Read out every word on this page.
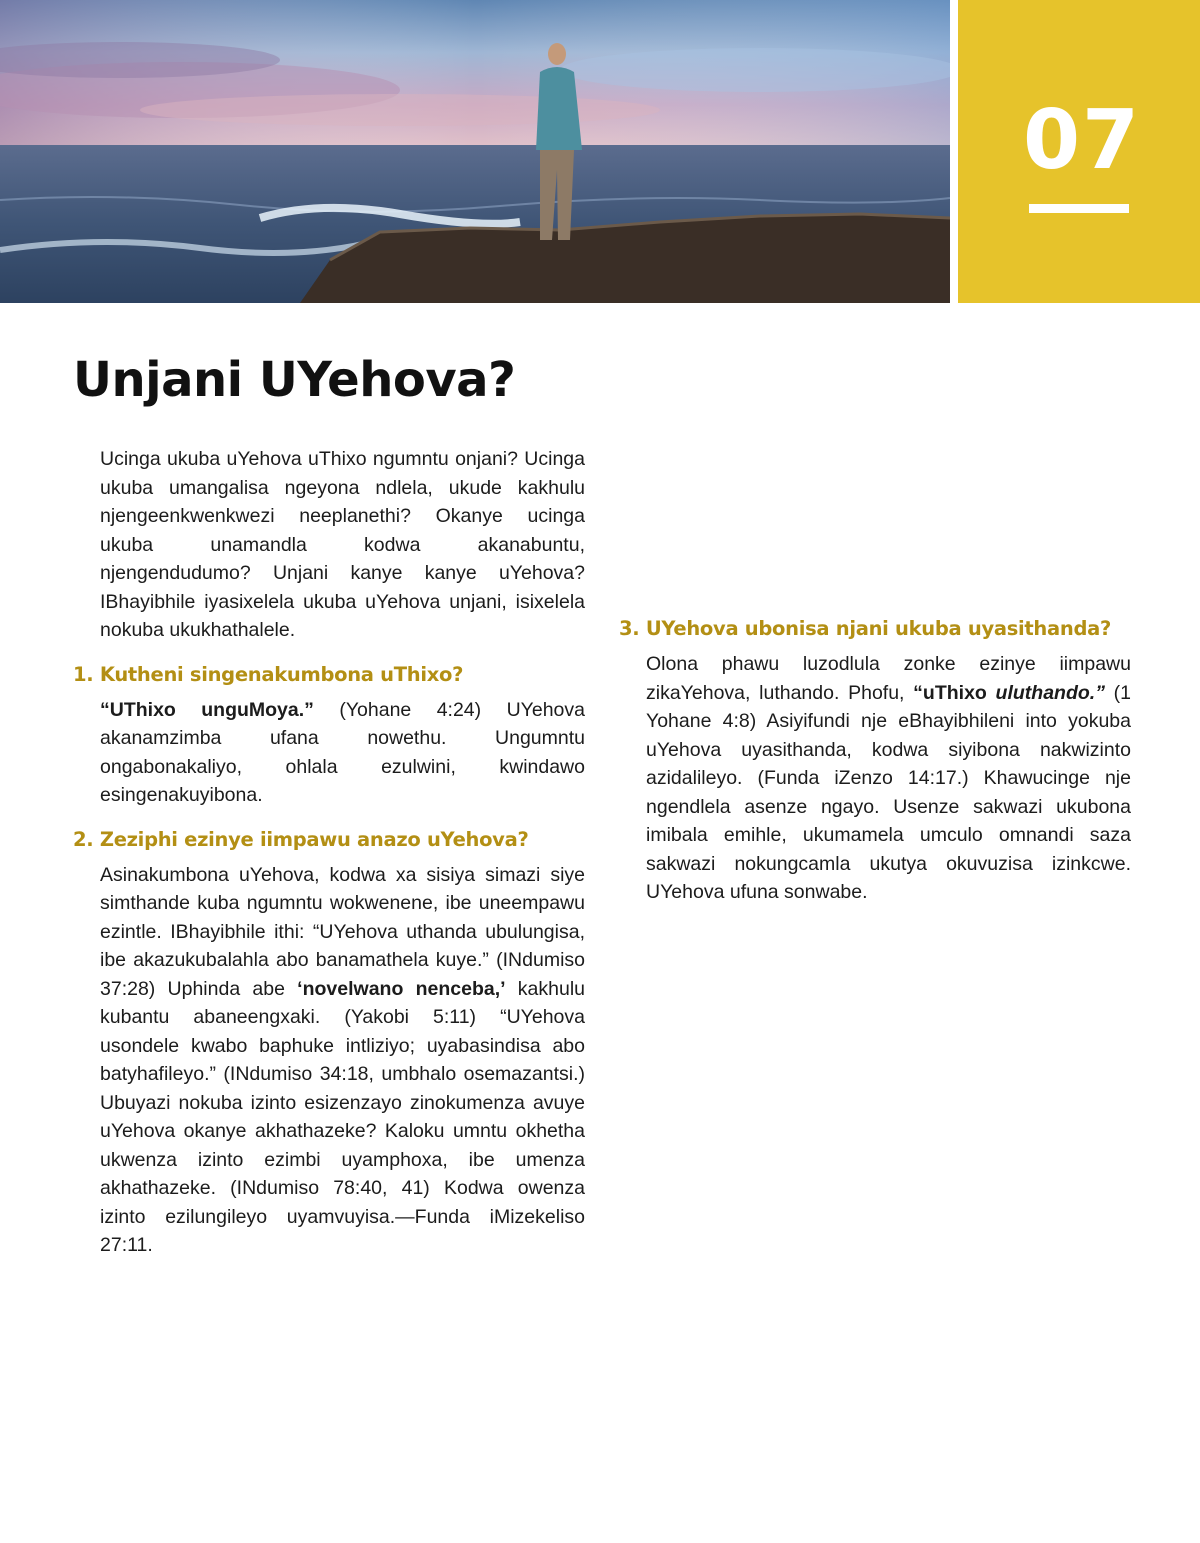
07
Unjani UYehova?

Ucinga ukuba uYehova uThixo ngumntu onjani? Ucinga ukuba umangalisa ngeyona ndlela, ukude kakhulu njengeenkwenkwezi neeplanethi? Okanye ucinga ukuba unamandla kodwa akanabuntu, njengendudumo? Unjani kanye kanye uYehova? IBhayibhile iyasixelela ukuba uYehova unjani, isixelela nokuba ukukhathalele.

1. Kutheni singenakumbona uThixo?

“UThixo unguMoya.” (Yohane 4:24) UYehova akanamzimba ufana nowethu. Ungumntu ongabonakaliyo, ohlala ezulwini, kwindawo esingenakuyibona.

2. Zeziphi ezinye iimpawu anazo uYehova?

Asinakumbona uYehova, kodwa xa sisiya simazi siye simthande kuba ngumntu wokwenene, ibe uneempawu ezintle. IBhayibhile ithi: “UYehova uthanda ubulungisa, ibe akazukubalahla abo banamathela kuye.” (INdumiso 37:28) Uphinda abe ‘novelwano nenceba,’ kakhulu kubantu abaneengxaki. (Yakobi 5:11) “UYehova usondele kwabo baphuke intliziyo; uyabasindisa abo batyhafileyo.” (INdumiso 34:18, umbhalo osemazantsi.) Ubuyazi nokuba izinto esizenzayo zinokumenza avuye uYehova okanye akhathazeke? Kaloku umntu okhetha ukwenza izinto ezimbi uyamphoxa, ibe umenza akhathazeke. (INdumiso 78:40, 41) Kodwa owenza izinto ezilungileyo uyamvuyisa.—Funda iMizekeliso 27:11.

3. UYehova ubonisa njani ukuba uyasithanda?

Olona phawu luzodlula zonke ezinye iimpawu zikaYehova, luthando. Phofu, “uThixo uluthando.” (1 Yohane 4:8) Asiyifundi nje eBhayibhileni into yokuba uYehova uyasithanda, kodwa siyibona nakwizinto azidalileyo. (Funda iZenzo 14:17.) Khawucinge nje ngendlela asenze ngayo. Usenze sakwazi ukubona imibala emihle, ukumamela umculo omnandi saza sakwazi nokungcamla ukutya okuvuzisa izinkcwe. UYehova ufuna sonwabe.
